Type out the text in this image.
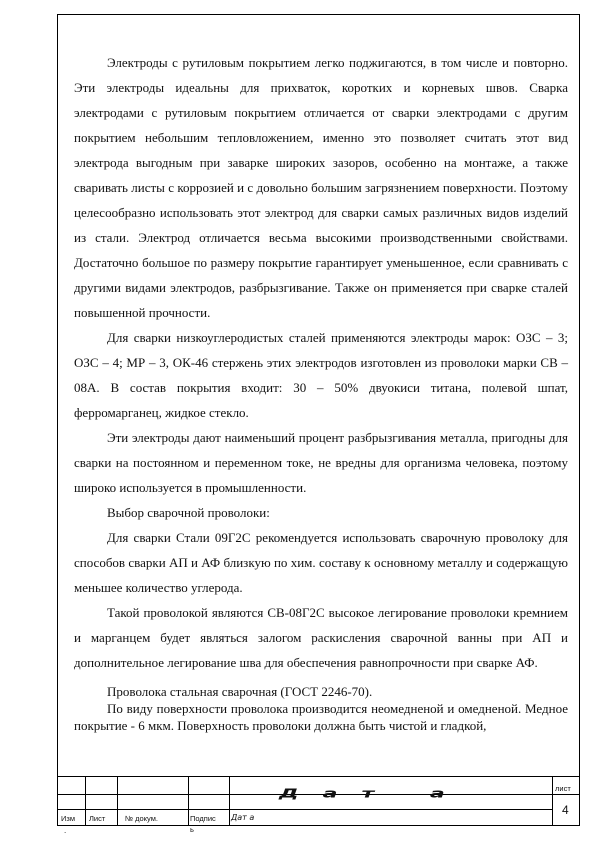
Электроды с рутиловым покрытием легко поджигаются, в том числе и повторно. Эти электроды идеальны для прихваток, коротких и корневых швов. Сварка электродами с рутиловым покрытием отличается от сварки электродами с другим покрытием небольшим тепловложением, именно это позволяет считать этот вид электрода выгодным при заварке широких зазоров, особенно на монтаже, а также сваривать листы с коррозией и с довольно большим загрязнением поверхности. Поэтому целесообразно использовать этот электрод для сварки самых различных видов изделий из стали. Электрод отличается весьма высокими производственными свойствами. Достаточно большое по размеру покрытие гарантирует уменьшенное, если сравнивать с другими видами электродов, разбрызгивание. Также он применяется при сварке сталей повышенной прочности.

Для сварки низкоуглеродистых сталей применяются электроды марок: ОЗС – 3; ОЗС – 4; МР – 3, ОК-46 стержень этих электродов изготовлен из проволоки марки СВ – 08А. В состав покрытия входит: 30 – 50% двуокиси титана, полевой шпат, ферромарганец, жидкое стекло.

Эти электроды дают наименьший процент разбрызгивания металла, пригодны для сварки на постоянном и переменном токе, не вредны для организма человека, поэтому широко используется в промышленности.

Выбор сварочной проволоки:

Для сварки Стали 09Г2С рекомендуется использовать сварочную проволоку для способов сварки АП и АФ близкую по хим. составу к основному металлу и содержащую меньшее количество углерода.

Такой проволокой являются СВ-08Г2С высокое легирование проволоки кремнием и марганцем будет являться залогом раскисления сварочной ванны при АП и дополнительное легирование шва для обеспечения равнопрочности при сварке АФ.

Проволока стальная сварочная (ГОСТ 2246-70).

По виду поверхности проволока производится неомедненой и омедненой. Медное покрытие - 6 мкм. Поверхность проволоки должна быть чистой и гладкой,

Дат а
Изм Лист	№ докум.	Подпис
ь
Дат а
лист
4
.
